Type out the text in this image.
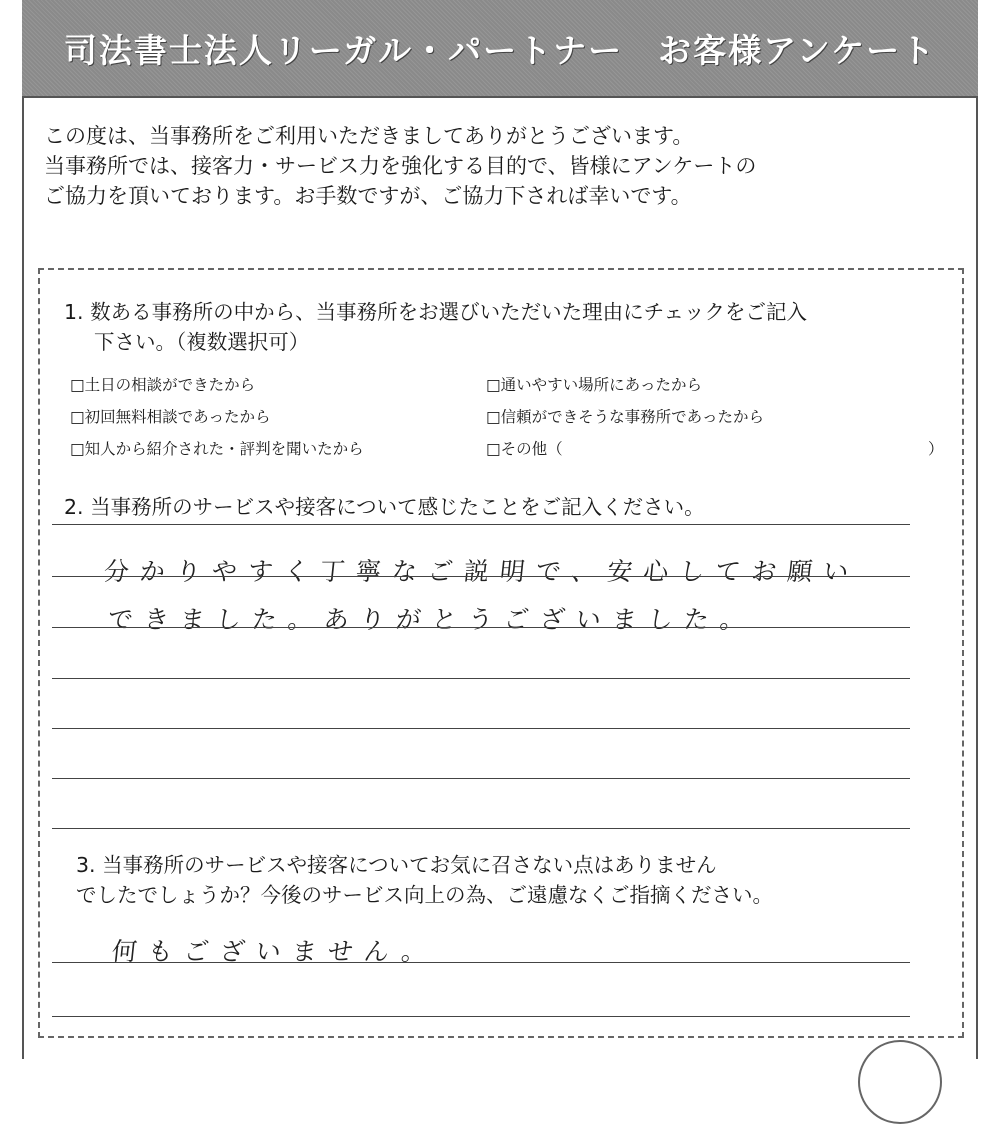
司法書士法人リーガル・パートナー　お客様アンケート
この度は、当事務所をご利用いただきましてありがとうございます。
当事務所では、接客力・サービス力を強化する目的で、皆様にアンケートの
ご協力を頂いております。お手数ですが、ご協力下されば幸いです。
1. 数ある事務所の中から、当事務所をお選びいただいた理由にチェックをご記入
下さい。（複数選択可）
□土日の相談ができたから	□通いやすい場所にあったから
□初回無料相談であったから	□信頼ができそうな事務所であったから
□知人から紹介された・評判を聞いたから	□その他（	）
2. 当事務所のサービスや接客について感じたことをご記入ください。
分かりやすく丁寧なご説明で、安心してお願い
できました。ありがとうございました。
3. 当事務所のサービスや接客についてお気に召さない点はありません
でしたでしょうか？今後のサービス向上の為、ご遠慮なくご指摘ください。
何もございません。
